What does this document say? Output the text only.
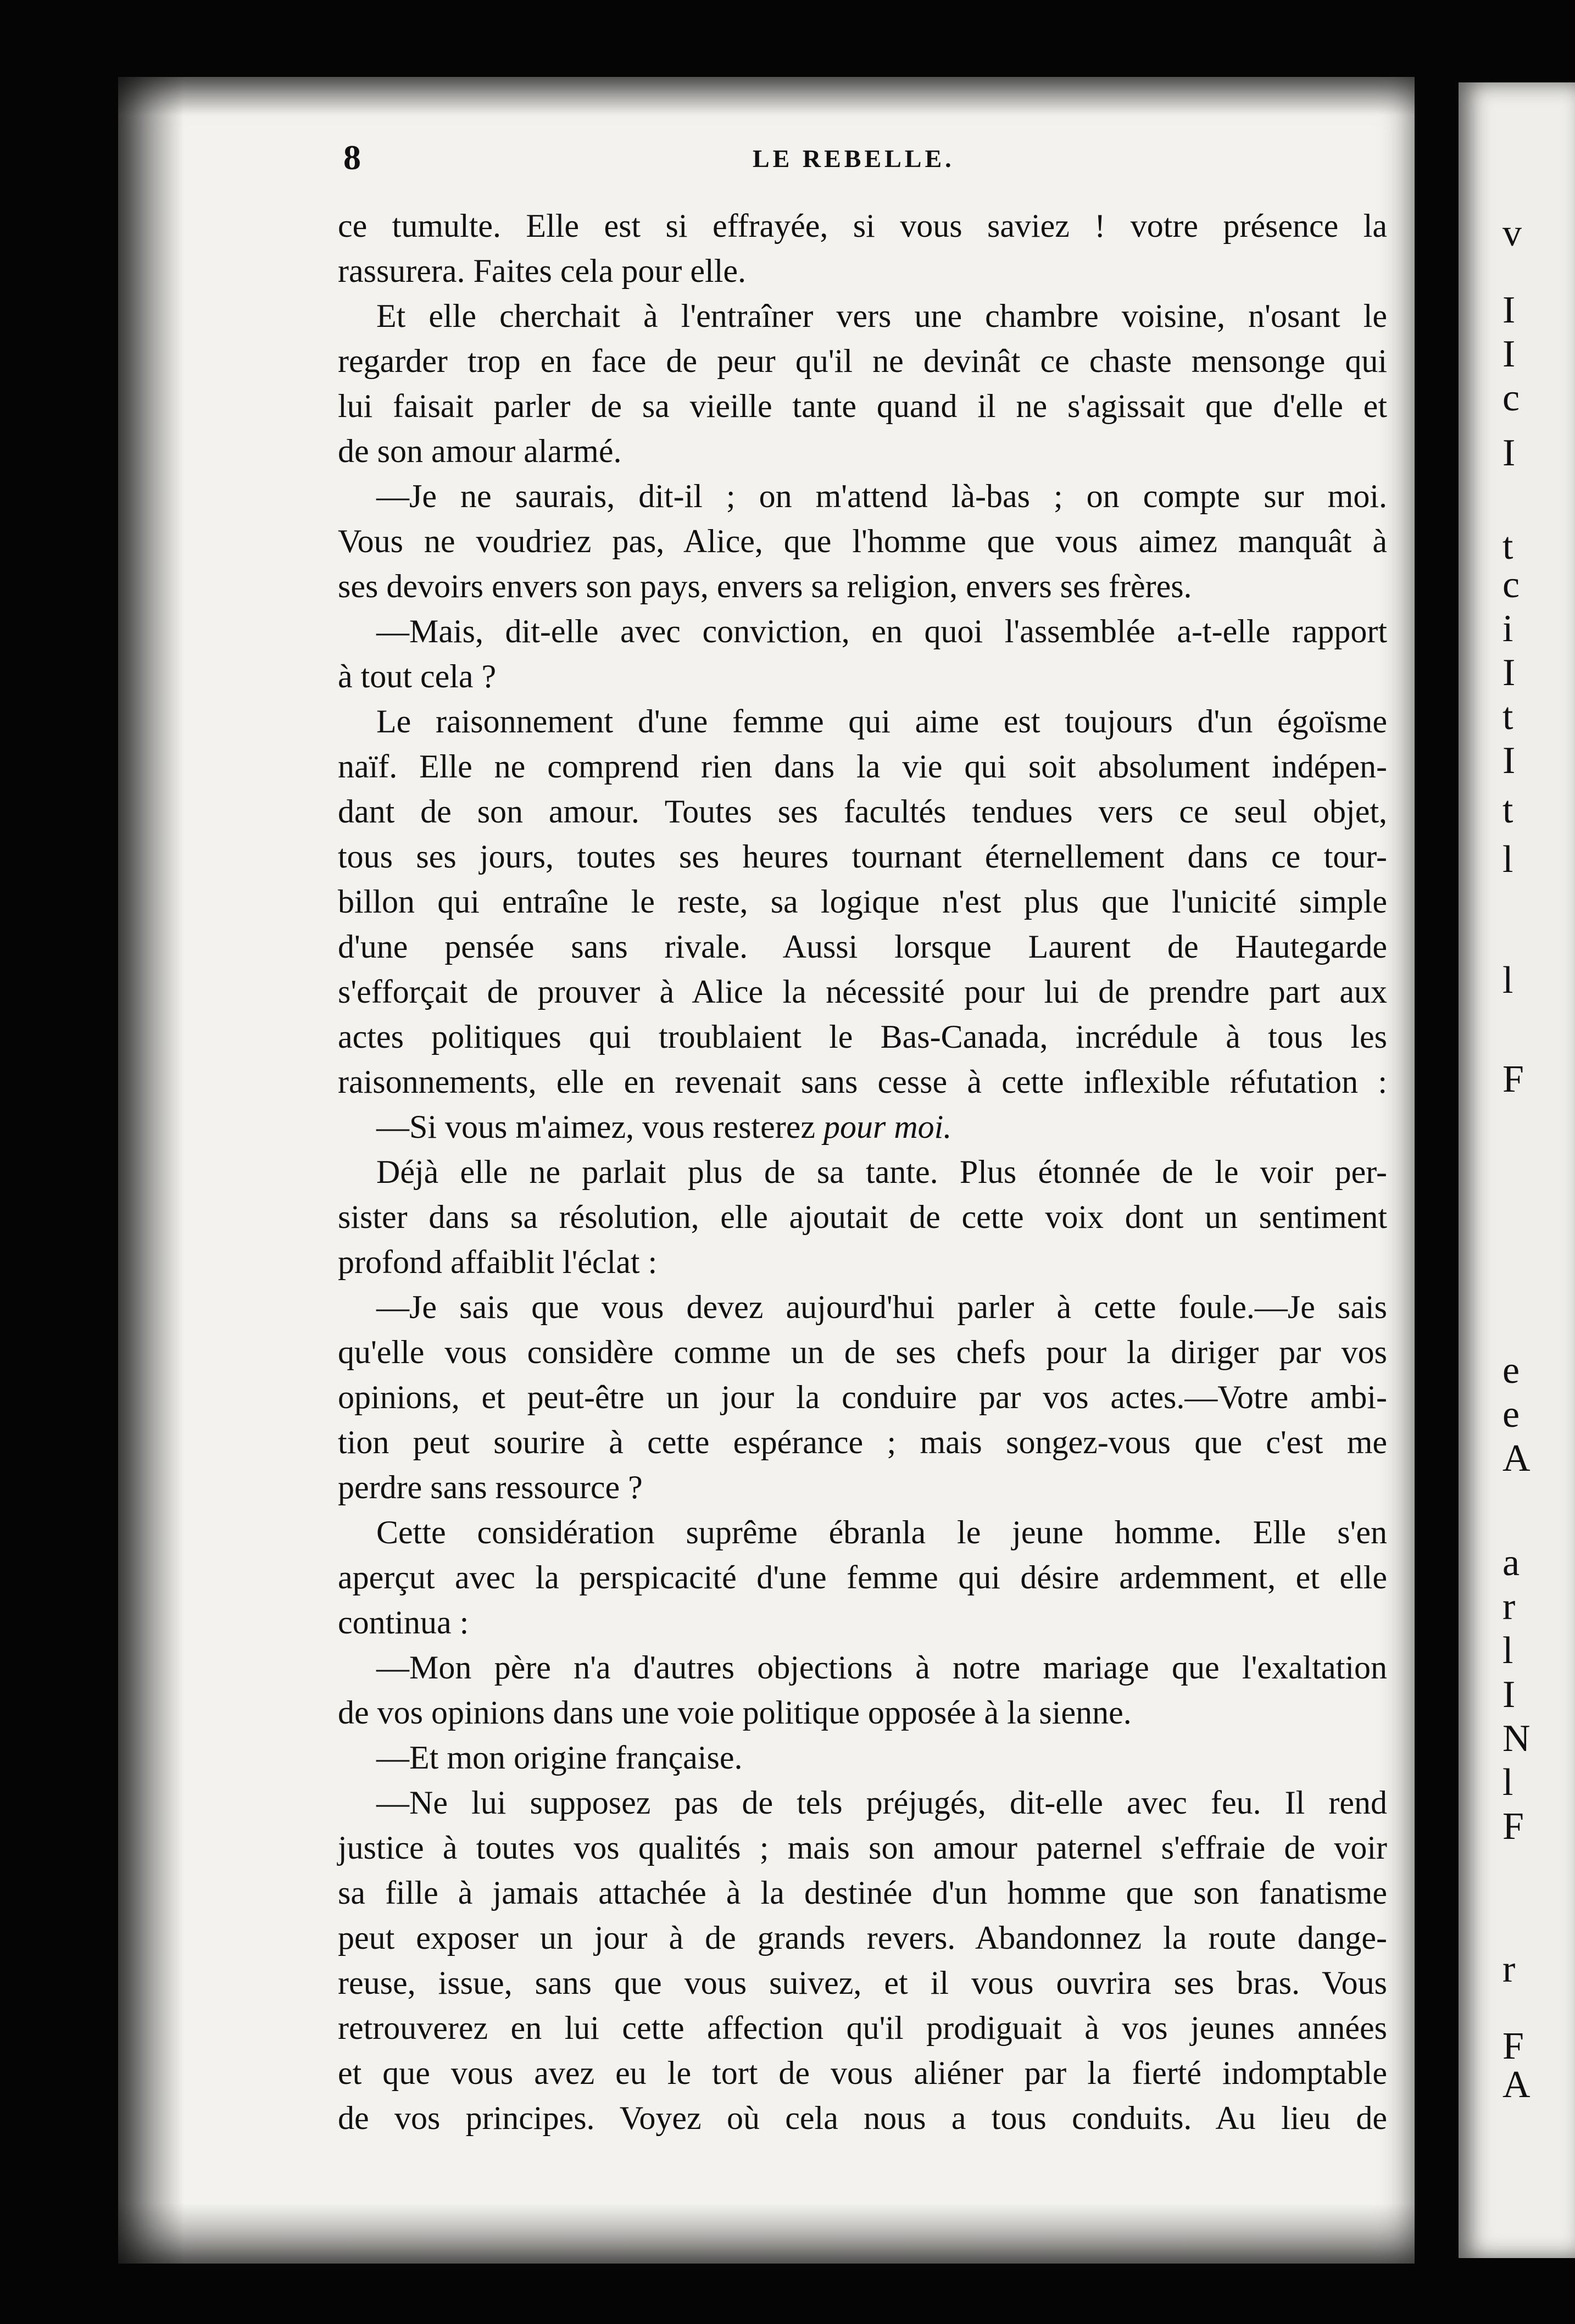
v
I
I
c
I
t
c
i
I
t
I
t
l
l
F
e
e
A
a
r
l
I
N
l
F
r
F
A
8	LE REBELLE.
ce tumulte. Elle est si effrayée, si vous saviez ! votre présence la
rassurera. Faites cela pour elle.
Et elle cherchait à l'entraîner vers une chambre voisine, n'osant le
regarder trop en face de peur qu'il ne devinât ce chaste mensonge qui
lui faisait parler de sa vieille tante quand il ne s'agissait que d'elle et
de son amour alarmé.
—Je ne saurais, dit-il ; on m'attend là-bas ; on compte sur moi.
Vous ne voudriez pas, Alice, que l'homme que vous aimez manquât à
ses devoirs envers son pays, envers sa religion, envers ses frères.
—Mais, dit-elle avec conviction, en quoi l'assemblée a-t-elle rapport
à tout cela ?
Le raisonnement d'une femme qui aime est toujours d'un égoïsme
naïf. Elle ne comprend rien dans la vie qui soit absolument indépen-
dant de son amour. Toutes ses facultés tendues vers ce seul objet,
tous ses jours, toutes ses heures tournant éternellement dans ce tour-
billon qui entraîne le reste, sa logique n'est plus que l'unicité simple
d'une pensée sans rivale. Aussi lorsque Laurent de Hautegarde
s'efforçait de prouver à Alice la nécessité pour lui de prendre part aux
actes politiques qui troublaient le Bas-Canada, incrédule à tous les
raisonnements, elle en revenait sans cesse à cette inflexible réfutation :
—Si vous m'aimez, vous resterez pour moi.
Déjà elle ne parlait plus de sa tante. Plus étonnée de le voir per-
sister dans sa résolution, elle ajoutait de cette voix dont un sentiment
profond affaiblit l'éclat :
—Je sais que vous devez aujourd'hui parler à cette foule.—Je sais
qu'elle vous considère comme un de ses chefs pour la diriger par vos
opinions, et peut-être un jour la conduire par vos actes.—Votre ambi-
tion peut sourire à cette espérance ; mais songez-vous que c'est me
perdre sans ressource ?
Cette considération suprême ébranla le jeune homme. Elle s'en
aperçut avec la perspicacité d'une femme qui désire ardemment, et elle
continua :
—Mon père n'a d'autres objections à notre mariage que l'exaltation
de vos opinions dans une voie politique opposée à la sienne.
—Et mon origine française.
—Ne lui supposez pas de tels préjugés, dit-elle avec feu. Il rend
justice à toutes vos qualités ; mais son amour paternel s'effraie de voir
sa fille à jamais attachée à la destinée d'un homme que son fanatisme
peut exposer un jour à de grands revers. Abandonnez la route dange-
reuse, issue, sans que vous suivez, et il vous ouvrira ses bras. Vous
retrouverez en lui cette affection qu'il prodiguait à vos jeunes années
et que vous avez eu le tort de vous aliéner par la fierté indomptable
de vos principes. Voyez où cela nous a tous conduits. Au lieu de
